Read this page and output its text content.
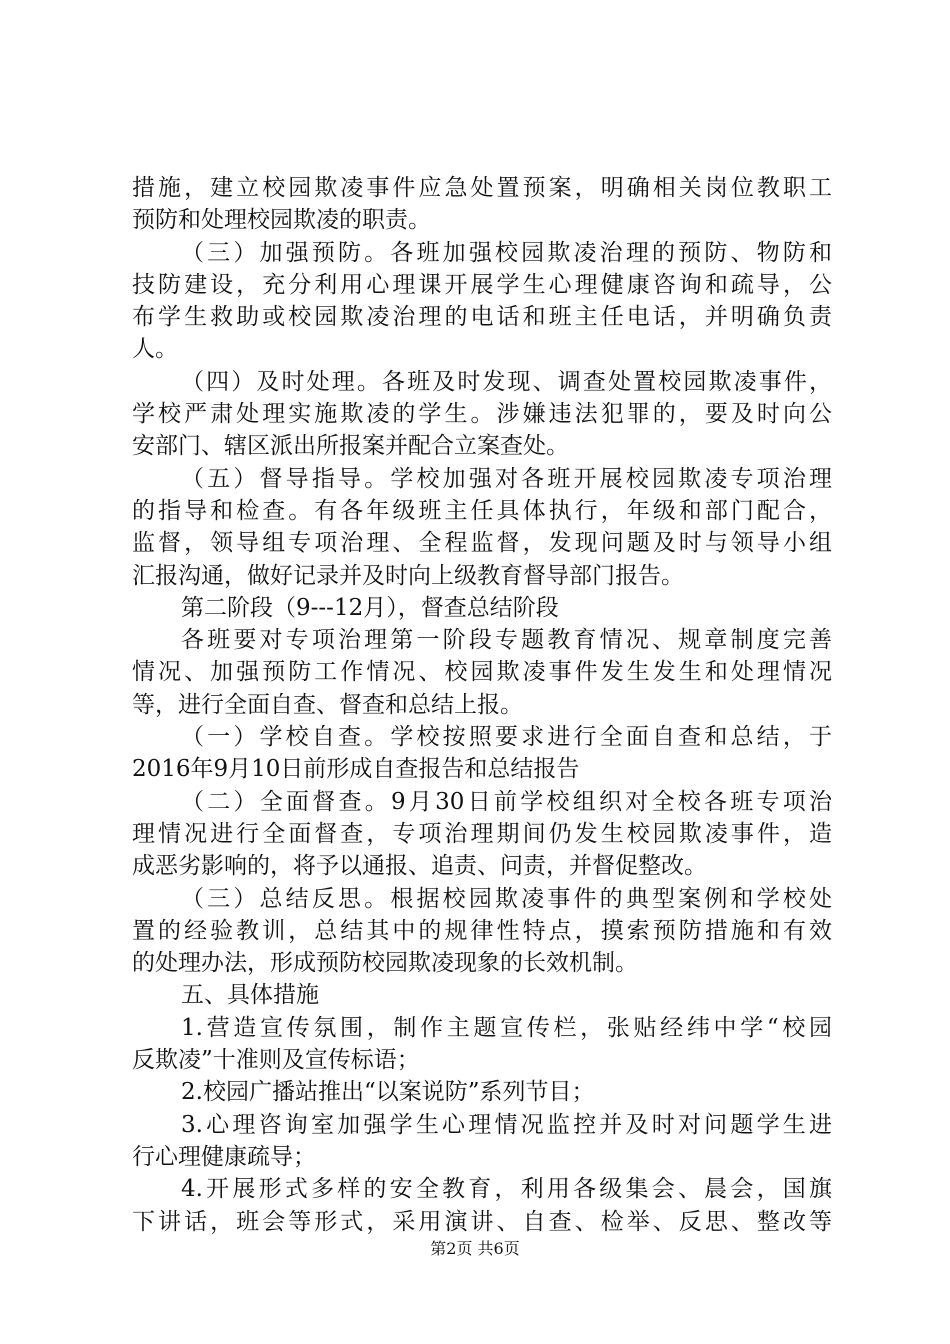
措施，建立校园欺凌事件应急处置预案，明确相关岗位教职工
预防和处理校园欺凌的职责。
（三）加强预防。各班加强校园欺凌治理的预防、物防和
技防建设，充分利用心理课开展学生心理健康咨询和疏导，公
布学生救助或校园欺凌治理的电话和班主任电话，并明确负责
人。
（四）及时处理。各班及时发现、调查处置校园欺凌事件，
学校严肃处理实施欺凌的学生。涉嫌违法犯罪的，要及时向公
安部门、辖区派出所报案并配合立案查处。
（五）督导指导。学校加强对各班开展校园欺凌专项治理
的指导和检查。有各年级班主任具体执行，年级和部门配合，
监督，领导组专项治理、全程监督，发现问题及时与领导小组
汇报沟通，做好记录并及时向上级教育督导部门报告。
第二阶段（9---12月），督查总结阶段
各班要对专项治理第一阶段专题教育情况、规章制度完善
情况、加强预防工作情况、校园欺凌事件发生发生和处理情况
等，进行全面自查、督查和总结上报。
（一）学校自查。学校按照要求进行全面自查和总结，于
2016年9月10日前形成自查报告和总结报告
（二）全面督查。9月30日前学校组织对全校各班专项治
理情况进行全面督查，专项治理期间仍发生校园欺凌事件，造
成恶劣影响的，将予以通报、追责、问责，并督促整改。
（三）总结反思。根据校园欺凌事件的典型案例和学校处
置的经验教训，总结其中的规律性特点，摸索预防措施和有效
的处理办法，形成预防校园欺凌现象的长效机制。
五、具体措施
1.营造宣传氛围，制作主题宣传栏，张贴经纬中学“校园
反欺凌”十准则及宣传标语；
2.校园广播站推出“以案说防”系列节目；
3.心理咨询室加强学生心理情况监控并及时对问题学生进
行心理健康疏导；
4.开展形式多样的安全教育，利用各级集会、晨会，国旗
下讲话，班会等形式，采用演讲、自查、检举、反思、整改等
第2页 共6页
